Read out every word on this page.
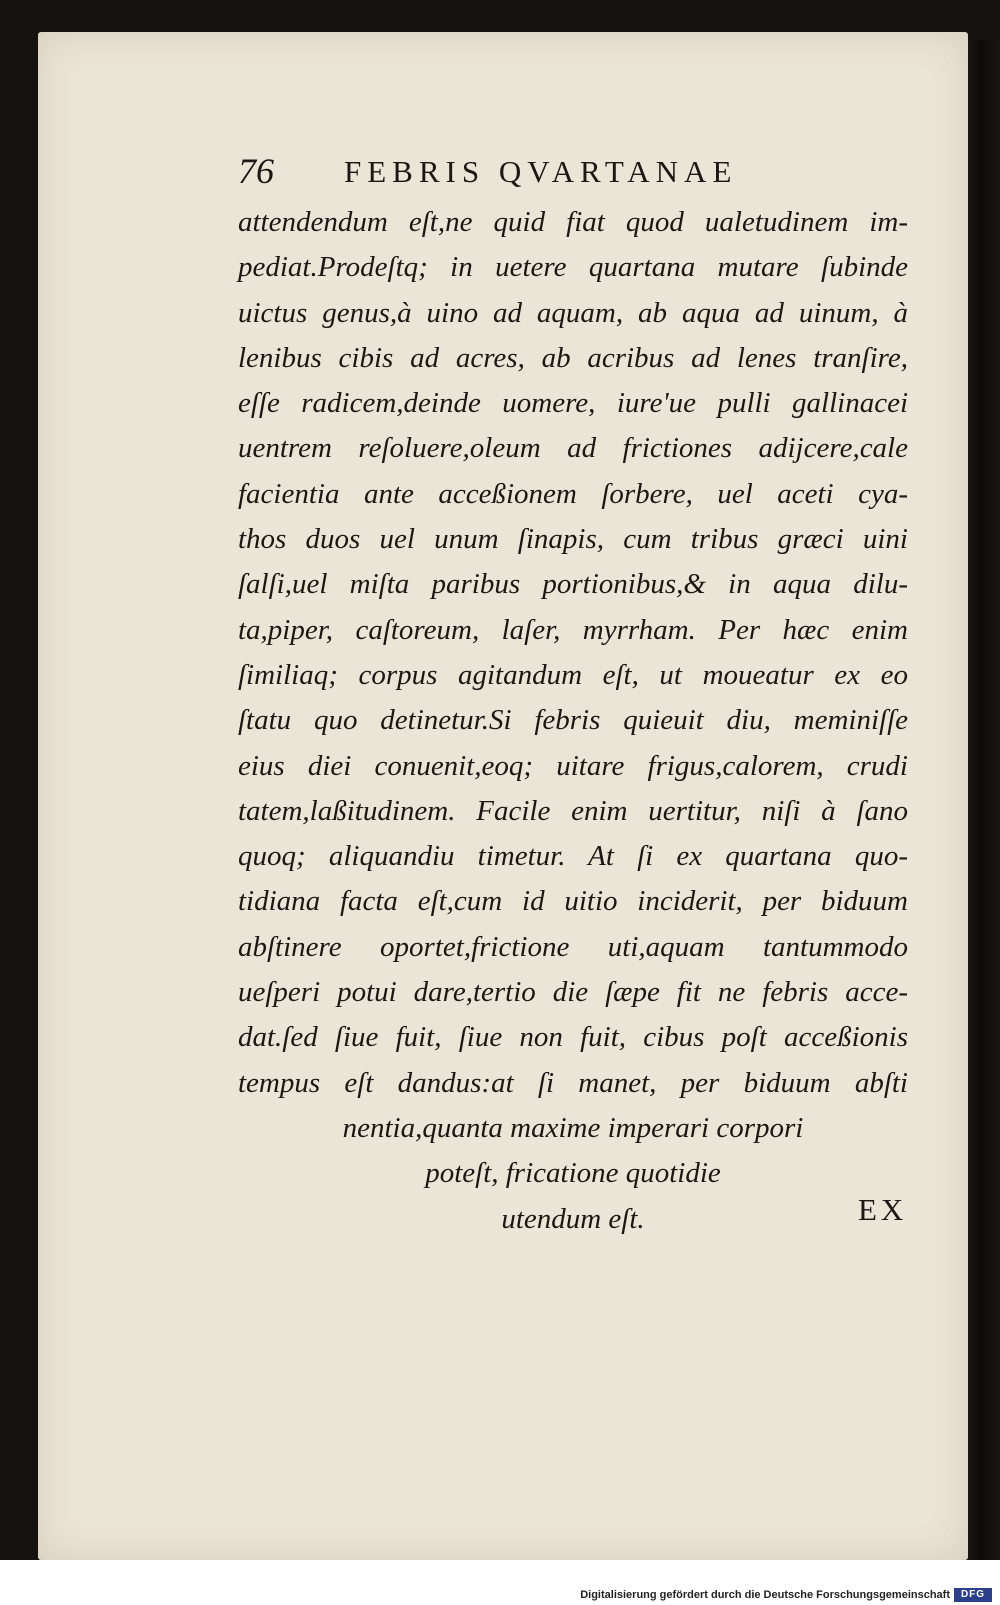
76 FEBRIS QVARTANAE
attendendum eſt,ne quid fiat quod ualetudinem im-
pediat.Prodeſtq; in uetere quartana mutare ſubinde
uictus genus,à uino ad aquam, ab aqua ad uinum, à
lenibus cibis ad acres, ab acribus ad lenes tranſire,
eſſe radicem,deinde uomere, iure'ue pulli gallinacei
uentrem reſoluere,oleum ad frictiones adijcere,cale
facientia ante acceßionem ſorbere, uel aceti cya-
thos duos uel unum ſinapis, cum tribus græci uini
ſalſi,uel miſta paribus portionibus,& in aqua dilu-
ta,piper, caſtoreum, laſer, myrrham. Per hæc enim
ſimiliaq; corpus agitandum eſt, ut moueatur ex eo
ſtatu quo detinetur.Si febris quieuit diu, meminiſſe
eius diei conuenit,eoq; uitare frigus,calorem, crudi
tatem,laßitudinem. Facile enim uertitur, niſi à ſano
quoq; aliquandiu timetur. At ſi ex quartana quo-
tidiana facta eſt,cum id uitio inciderit, per biduum
abſtinere oportet,frictione uti,aquam tantummodo
ueſperi potui dare,tertio die ſæpe fit ne febris acce-
dat.ſed ſiue fuit, ſiue non fuit, cibus poſt acceßionis
tempus eſt dandus:at ſi manet, per biduum abſti
nentia,quanta maxime imperari corpori
poteſt, fricatione quotidie
utendum eſt.	EX
Digitalisierung gefördert durch die Deutsche Forschungsgemeinschaft	DFG
